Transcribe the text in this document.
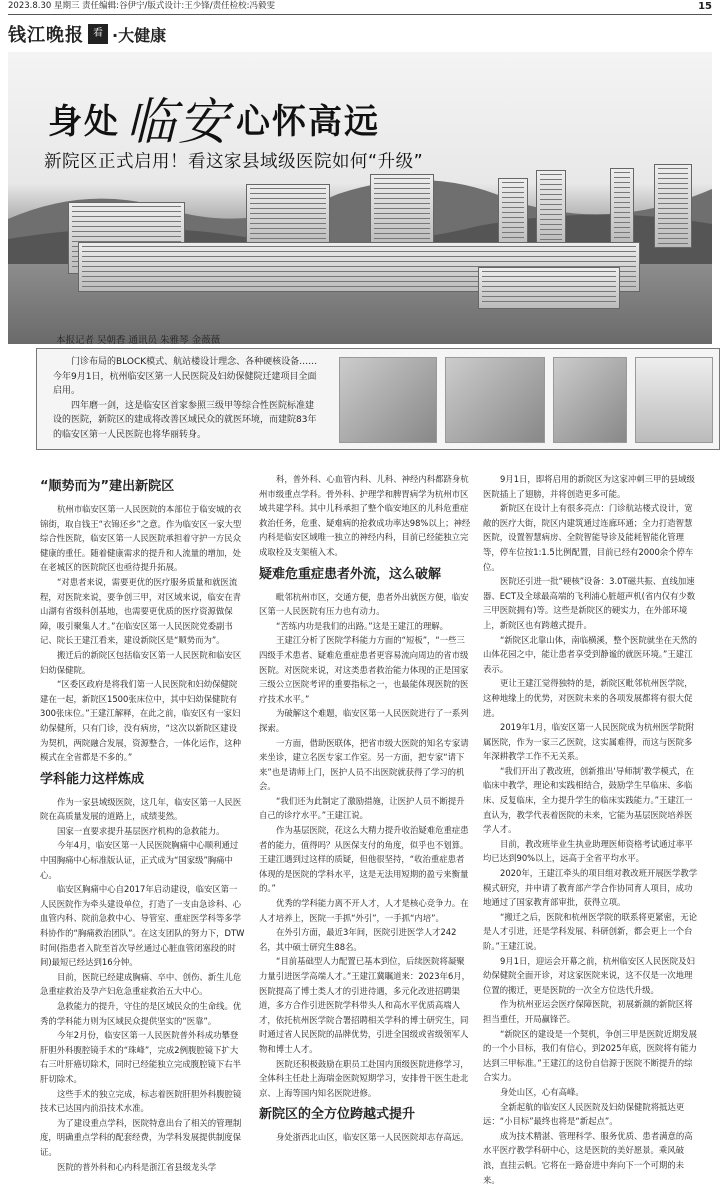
2023.8.30 星期三 责任编辑:谷伊宁/版式设计:王少锋/责任检校:冯毅雯	15
钱江晚报 看 ·大健康
身处 临安 心怀高远
新院区正式启用！看这家县域级医院如何“升级”
本报记者 吴朝香 通讯员 朱雅琴 金薇薇

门诊布局的BLOCK模式、航站楼设计理念、各种硬核设备……今年9月1日，杭州临安区第一人民医院及妇幼保健院迁建项目全面启用。

四年磨一剑，这是临安区首家参照三级甲等综合性医院标准建设的医院，新院区的建成将改善区域民众的就医环境，而建院83年的临安区第一人民医院也将华丽转身。

“顺势而为”建出新院区

杭州市临安区第一人民医院的本部位于临安城的衣锦街，取自钱王“衣锦还乡”之意。作为临安区一家大型综合性医院，临安区第一人民医院承担着守护一方民众健康的重任。随着健康需求的提升和人流量的增加，处在老城区的医院院区也亟待提升拓展。

“对患者来说，需要更优的医疗服务质量和就医流程，对医院来说，要争创三甲，对区域来说，临安在青山湖有省级科创基地，也需要更优质的医疗资源做保障，吸引聚集人才。”在临安区第一人民医院党委副书记、院长王建江看来，建设新院区是“顺势而为”。

搬迁后的新院区包括临安区第一人民医院和临安区妇幼保健院。

“区委区政府是将我们第一人民医院和妇幼保健院建在一起，新院区1500张床位中，其中妇幼保健院有300张床位。”王建江解释，在此之前，临安区有一家妇幼保健所，只有门诊，没有病房，“这次以新院区建设为契机，两院融合发展，资源整合，一体化运作，这种模式在全省都是不多的。”

学科能力这样炼成

作为一家县域级医院，这几年，临安区第一人民医院在高质量发展的道路上，成绩斐然。

国家一直要求提升基层医疗机构的急救能力。

今年4月，临安区第一人民医院胸痛中心顺利通过中国胸痛中心标准版认证，正式成为“国家级”胸痛中心。

临安区胸痛中心自2017年启动建设，临安区第一人民医院作为牵头建设单位，打造了一支由急诊科、心血管内科、院前急救中心、导管室、重症医学科等多学科协作的“胸痛救治团队”。在这支团队的努力下，DTW时间(指患者入院至首次导丝通过心脏血管闭塞段的时间)最短已经达到16分钟。

目前，医院已经建成胸痛、卒中、创伤、新生儿危急重症救治及孕产妇危急重症救治五大中心。

急救能力的提升，守住的是区域民众的生命线。优秀的学科能力则为区域民众提供坚实的“医靠”。

今年2月份，临安区第一人民医院普外科成功攀登肝胆外科腹腔镜手术的“珠峰”，完成2例腹腔镜下扩大右三叶肝癌切除术，同时已经能独立完成腹腔镜下右半肝切除术。

这些手术的独立完成，标志着医院肝胆外科腹腔镜技术已达国内前沿技术水准。

为了建设重点学科，医院特意出台了相关的管理制度，明确重点学科的配套经费，为学科发展提供制度保证。

医院的普外科和心内科是浙江省县级龙头学

科，普外科、心血管内科、儿科、神经内科都跻身杭州市级重点学科。骨外科、护理学和脾胃病学为杭州市区域共建学科。其中儿科承担了整个临安地区的儿科危重症救治任务，危重、疑难病的抢救成功率达98%以上；神经内科是临安区域唯一独立的神经内科，目前已经能独立完成取栓及支架植入术。

疑难危重症患者外流，这么破解

毗邻杭州市区，交通方便，患者外出就医方便，临安区第一人民医院有压力也有动力。

“苦练内功是我们的出路。”这是王建江的理解。

王建江分析了医院学科能力方面的“短板”，“一些三四级手术患者、疑难危重症患者更容易流向周边的省市级医院。对医院来说，对这类患者救治能力体现的正是国家三级公立医院考评的重要指标之一，也最能体现医院的医疗技术水平。”

为破解这个难题，临安区第一人民医院进行了一系列探索。

一方面，借助医联体，把省市级大医院的知名专家请来坐诊，建立名医专家工作室。另一方面，把专家“请下来”也是请师上门，医护人员不出医院就获得了学习的机会。

“我们还为此制定了激励措施，让医护人员不断提升自己的诊疗水平。”王建江说。

作为基层医院，花这么大精力提升收治疑难危重症患者的能力，值得吗？从医保支付的角度，似乎也不划算。王建江遇到过这样的质疑，但他很坚持，“收治重症患者体现的是医院的学科水平，这是无法用短期的盈亏来衡量的。”

优秀的学科能力离不开人才，人才是核心竞争力。在人才培养上，医院一手抓“外引”，一手抓“内培”。

在外引方面，最近3年间，医院引进医学人才242名，其中硕士研究生88名。

“目前基础型人力配置已基本到位，后续医院将凝聚力量引进医学高端人才。”王建江冀瞩道来：2023年6月，医院提高了博士类人才的引进待遇，多元化改进招聘渠道，多方合作引进医院学科带头人和高水平优质高端人才，依托杭州医学院合署招聘相关学科的博士研究生，同时通过省人民医院的品牌优势，引进全国级或省级领军人物和博士人才。

医院还积极鼓励在职员工赴国内顶级医院进修学习，全体科主任赴上海瑞金医院短期学习，安排骨干医生赴北京、上海等国内知名医院进修。

新院区的全方位跨越式提升

身处浙西北山区，临安区第一人民医院却志存高远。

9月1日，即将启用的新院区为这家冲刺三甲的县域级医院插上了翅膀，并将创造更多可能。

新院区在设计上有很多亮点：门诊航站楼式设计，宽敞的医疗大街，院区内建筑通过连廊环通；全力打造智慧医院，设置智慧病房、全院智能导诊及能耗智能化管理等，停车位按1:1.5比例配置，目前已经有2000余个停车位。

医院还引进一批“硬核”设备：3.0T磁共振、直线加速器、ECT及全球最高端的飞利浦心脏超声机(省内仅有少数三甲医院拥有)等。这些是新院区的硬实力，在外部环境上，新院区也有跨越式提升。

“新院区北靠山体，南临横溪，整个医院就坐在天然的山体花园之中，能让患者享受到静谧的就医环境。”王建江表示。

更让王建江觉得独特的是，新院区毗邻杭州医学院，这种地缘上的优势，对医院未来的各项发展都将有很大促进。

2019年1月，临安区第一人民医院成为杭州医学院附属医院，作为一家三乙医院，这实属难得，而这与医院多年深耕教学工作不无关系。

“我们开出了教改班，创新推出‘导师制’教学模式，在临床中教学，理论和实践相结合，鼓励学生早临床、多临床、反复临床，全力提升学生的临床实践能力。”王建江一直认为，教学代表着医院的未来，它能为基层医院培养医学人才。

目前，教改班毕业生执业助理医师资格考试通过率平均已达到90%以上，远高于全省平均水平。

2020年，王建江牵头的项目组对教改班开展医学教学模式研究，并申请了教育部产学合作协同育人项目，成功地通过了国家教育部审批，获得立项。

“搬迁之后，医院和杭州医学院的联系将更紧密，无论是人才引进，还是学科发展、科研创新，都会更上一个台阶。”王建江说。

9月1日，迎运会开幕之前，杭州临安区人民医院及妇幼保健院全面开诊，对这家医院来说，这不仅是一次地理位置的搬迁，更是医院的一次全方位迭代升级。

作为杭州亚运会医疗保障医院，初展新颜的新院区将担当重任，开局赢锋芒。

“新院区的建设是一个契机，争创三甲是医院近期发展的一个小目标，我们有信心，到2025年底，医院将有能力达到三甲标准。”王建江的这份自信源于医院不断提升的综合实力。

身处山区，心有高峰。

全新起航的临安区人民医院及妇幼保健院将抵达更远：“小目标”最终也将是“新起点”。

成为技术精湛、管理科学、服务优质、患者满意的高水平医疗教学科研中心，这是医院的美好愿景。乘风破浪，直挂云帆。它将在一路奋进中奔向下一个可期的未来。
